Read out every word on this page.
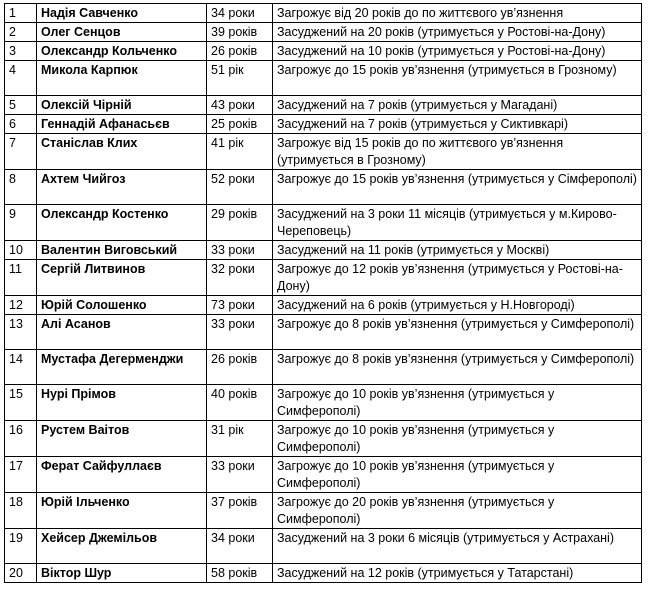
1	Надія Савченко	34 роки	Загрожує від 20 років до по життєвого ув’язнення
2	Олег Сенцов	39 років	Засуджений на 20 років (утримується у Ростові-на-Дону)
3	Олександр Кольченко	26 років	Засуджений на 10 років (утримується у Ростові-на-Дону)
4	Микола Карпюк	51 рік	Загрожує до 15 років ув’язнення (утримується в Грозному)
5	Олексій Чірній	43 роки	Засуджений на 7 років (утримується у Магадані)
6	Геннадій Афанасьєв	25 років	Засуджений на 7 років (утримується у Сиктивкарі)
7	Станіслав Клих	41 рік	Загрожує від 15 років до по життєвого ув’язнення (утримується в Грозному)
8	Ахтем Чийгоз	52 роки	Загрожує до 15 років ув’язнення (утримується у Сімферополі)
9	Олександр Костенко	29 років	Засуджений на 3 роки 11 місяців (утримується у м.Кирово-Череповець)
10	Валентин Виговський	33 роки	Засуджений на 11 років (утримується у Москві)
11	Сергій Литвинов	32 роки	Загрожує до 12 років ув’язнення (утримується у Ростові-на-Дону)
12	Юрій Солошенко	73 роки	Засуджений на 6 років (утримується у Н.Новгороді)
13	Алі Асанов	33 роки	Загрожує до 8 років ув’язнення (утримується у Симферополі)
14	Мустафа Дегерменджи	26 років	Загрожує до 8 років ув’язнення (утримується у Симферополі)
15	Нурі Прімов	40 років	Загрожує до 10 років ув’язнення (утримується у Симферополі)
16	Рустем Ваітов	31 рік	Загрожує до 10 років ув’язнення (утримується у Симферополі)
17	Ферат Сайфуллаєв	33 роки	Загрожує до 10 років ув’язнення (утримується у Симферополі)
18	Юрій Ільченко	37 років	Загрожує до 20 років ув’язнення (утримується у Симферополі)
19	Хейсер Джемільов	34 роки	Засуджений на 3 роки 6 місяців (утримується у Астрахані)
20	Віктор Шур	58 років	Засуджений на 12 років (утримується у Татарстані)
